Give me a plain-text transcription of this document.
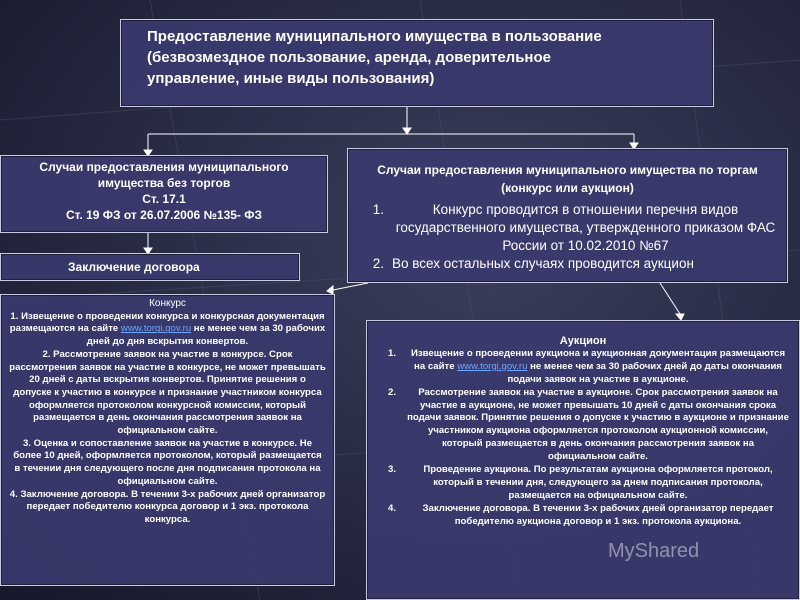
Предоставление муниципального имущества в пользование

(безвозмездное пользование, аренда, доверительное

управление, иные виды пользования)

Случаи предоставления муниципального
имущества без торгов
Ст. 17.1
Ст. 19 ФЗ от 26.07.2006 №135- ФЗ
Случаи предоставления муниципального имущества по торгам
(конкурс или аукцион)
1.	Конкурс проводится в отношении перечня видов государственного имущества, утвержденного приказом ФАС России от 10.02.2010 №67
2. Во всех остальных случаях проводится аукцион
Заключение договора
Конкурс
1. Извещение о проведении конкурса и конкурсная документация размещаются на сайте www.torgi.gov.ru не менее чем за 30 рабочих дней до дня вскрытия конвертов.
2. Рассмотрение заявок на участие в конкурсе. Срок рассмотрения заявок на участие в конкурсе, не может превышать 20 дней с даты вскрытия конвертов. Принятие решения о допуске к участию в конкурсе и признание участником конкурса оформляется протоколом конкурсной комиссии, который размещается в день окончания рассмотрения заявок на официальном сайте.
3. Оценка и сопоставление заявок на участие в конкурсе. Не более 10 дней, оформляется протоколом, который размещается в течении дня следующего после дня подписания протокола на официальном сайте.
4. Заключение договора. В течении 3-х рабочих дней организатор передает победителю конкурса договор и 1 экз. протокола конкурса.
Аукцион
1.	Извещение о проведении аукциона и аукционная документация размещаются на сайте www.torgi.gov.ru не менее чем за 30 рабочих дней до даты окончания подачи заявок на участие в аукционе.
2.	Рассмотрение заявок на участие в аукционе. Срок рассмотрения заявок на участие в аукционе, не может превышать 10 дней с даты окончания срока подачи заявок. Принятие решения о допуске к участию в аукционе и признание участником аукциона оформляется протоколом аукционной комиссии, который размещается в день окончания рассмотрения заявок на официальном сайте.
3.	Проведение аукциона. По результатам аукциона оформляется протокол, который в течении дня, следующего за днем подписания протокола, размещается на официальном сайте.
4.	Заключение договора. В течении 3-х рабочих дней организатор передает победителю аукциона договор и 1 экз. протокола аукциона.
MyShared
